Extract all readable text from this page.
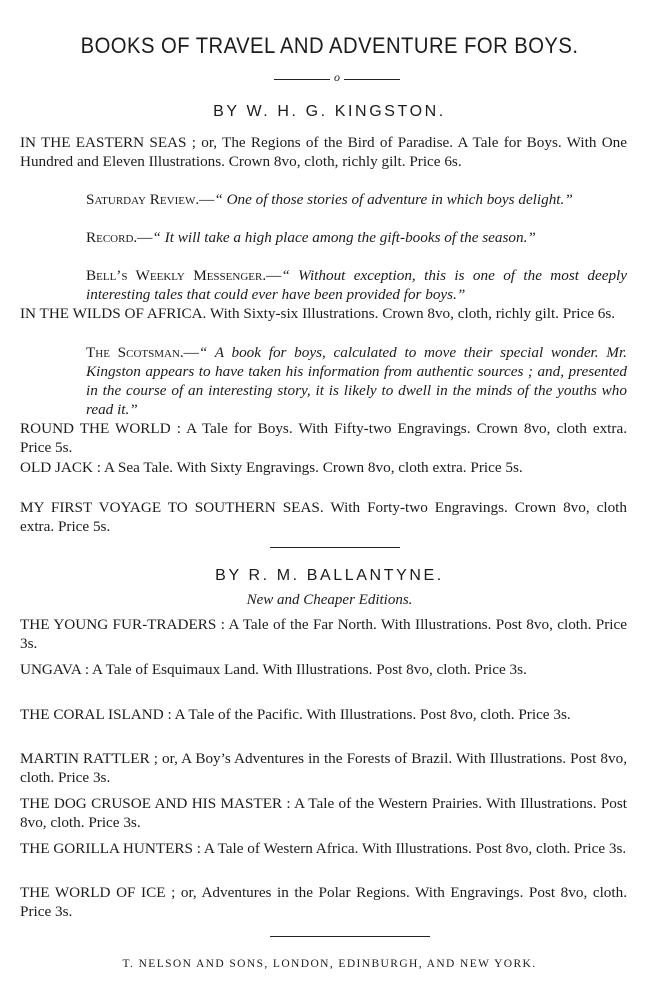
BOOKS OF TRAVEL AND ADVENTURE FOR BOYS.
o
BY W. H. G. KINGSTON.
IN THE EASTERN SEAS ; or, The Regions of the Bird of Paradise. A Tale for Boys. With One Hundred and Eleven Illustrations. Crown 8vo, cloth, richly gilt. Price 6s.
Saturday Review.—“ One of those stories of adventure in which boys delight.”
Record.—“ It will take a high place among the gift-books of the season.”
Bell’s Weekly Messenger.—“ Without exception, this is one of the most deeply interesting tales that could ever have been provided for boys.”
IN THE WILDS OF AFRICA. With Sixty-six Illustrations. Crown 8vo, cloth, richly gilt. Price 6s.
The Scotsman.—“ A book for boys, calculated to move their special wonder. Mr. Kingston appears to have taken his information from authentic sources ; and, presented in the course of an interesting story, it is likely to dwell in the minds of the youths who read it.”
ROUND THE WORLD : A Tale for Boys. With Fifty-two Engravings. Crown 8vo, cloth extra. Price 5s.
OLD JACK : A Sea Tale. With Sixty Engravings. Crown 8vo, cloth extra. Price 5s.
MY FIRST VOYAGE TO SOUTHERN SEAS. With Forty-two Engravings. Crown 8vo, cloth extra. Price 5s.
BY R. M. BALLANTYNE.
New and Cheaper Editions.
THE YOUNG FUR-TRADERS : A Tale of the Far North. With Illustrations. Post 8vo, cloth. Price 3s.
UNGAVA : A Tale of Esquimaux Land. With Illustrations. Post 8vo, cloth. Price 3s.
THE CORAL ISLAND : A Tale of the Pacific. With Illustrations. Post 8vo, cloth. Price 3s.
MARTIN RATTLER ; or, A Boy’s Adventures in the Forests of Brazil. With Illustrations. Post 8vo, cloth. Price 3s.
THE DOG CRUSOE AND HIS MASTER : A Tale of the Western Prairies. With Illustrations. Post 8vo, cloth. Price 3s.
THE GORILLA HUNTERS : A Tale of Western Africa. With Illustrations. Post 8vo, cloth. Price 3s.
THE WORLD OF ICE ; or, Adventures in the Polar Regions. With Engravings. Post 8vo, cloth. Price 3s.
T. NELSON AND SONS, LONDON, EDINBURGH, AND NEW YORK.
